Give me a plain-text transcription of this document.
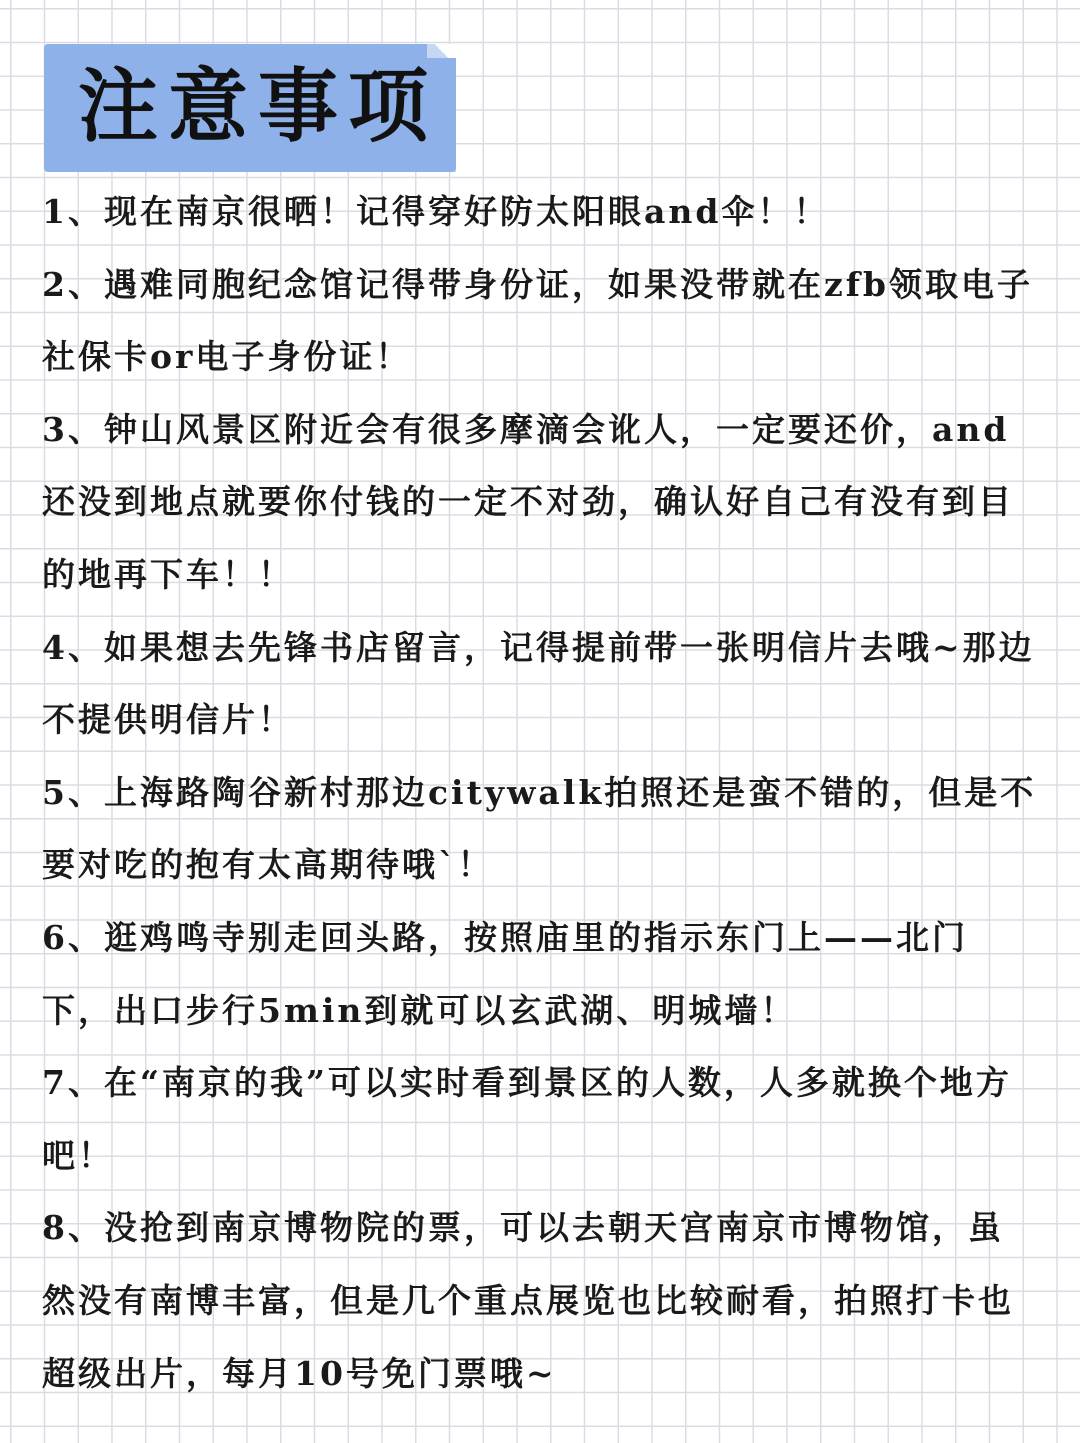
注意事项
1、现在南京很晒！记得穿好防太阳眼and伞！！
2、遇难同胞纪念馆记得带身份证，如果没带就在zfb领取电子社保卡or电子身份证！
3、钟山风景区附近会有很多摩滴会讹人，一定要还价，and还没到地点就要你付钱的一定不对劲，确认好自己有没有到目的地再下车！！
4、如果想去先锋书店留言，记得提前带一张明信片去哦~那边不提供明信片！
5、上海路陶谷新村那边citywalk拍照还是蛮不错的，但是不要对吃的抱有太高期待哦`！
6、逛鸡鸣寺别走回头路，按照庙里的指示东门上——北门下，出口步行5min到就可以玄武湖、明城墙！
7、在“南京的我”可以实时看到景区的人数，人多就换个地方吧！
8、没抢到南京博物院的票，可以去朝天宫南京市博物馆，虽然没有南博丰富，但是几个重点展览也比较耐看，拍照打卡也超级出片，每月10号免门票哦~
